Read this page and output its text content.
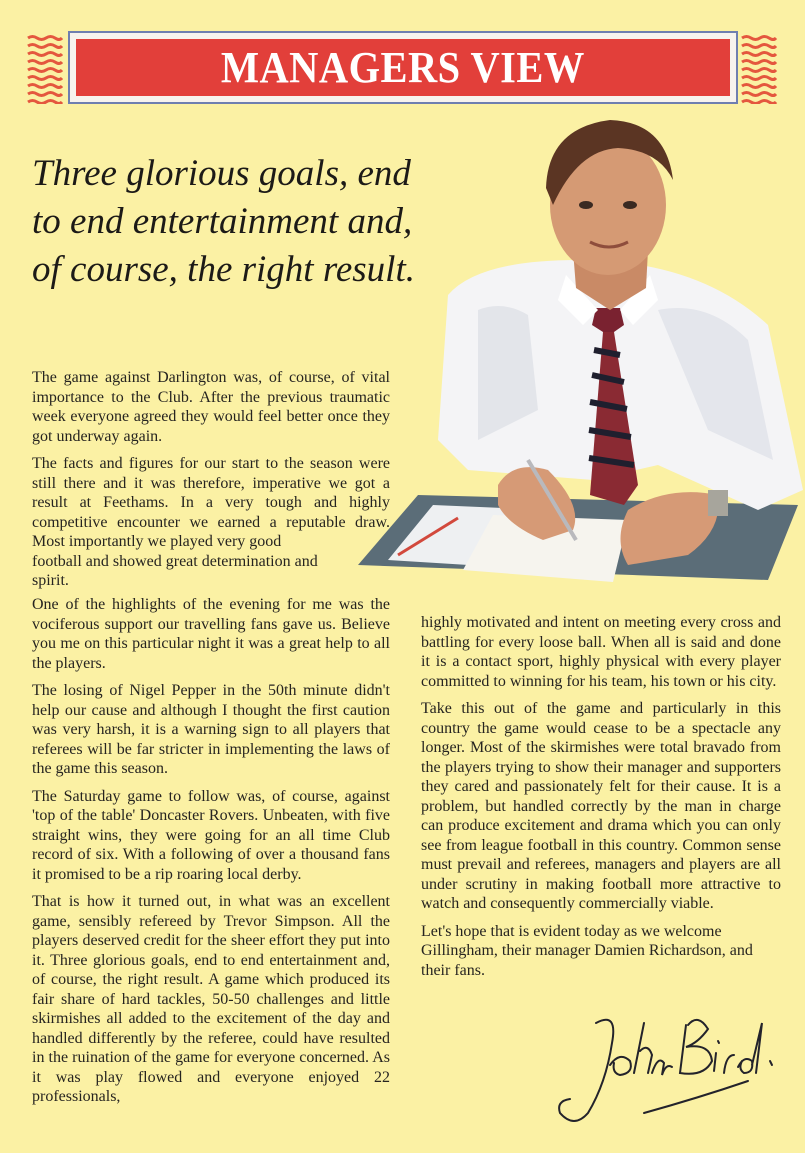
MANAGERS VIEW
Three glorious goals, end to end entertainment and, of course, the right result.

The game against Darlington was, of course, of vital importance to the Club. After the previous traumatic week everyone agreed they would feel better once they got underway again.

The facts and figures for our start to the season were still there and it was therefore, imperative we got a result at Feethams. In a very tough and highly competitive encounter we earned a reputable draw. Most importantly we played very good

football and showed great determination and spirit.

One of the highlights of the evening for me was the vociferous support our travelling fans gave us. Believe you me on this particular night it was a great help to all the players.

The losing of Nigel Pepper in the 50th minute didn't help our cause and although I thought the first caution was very harsh, it is a warning sign to all players that referees will be far stricter in implementing the laws of the game this season.

The Saturday game to follow was, of course, against 'top of the table' Doncaster Rovers. Unbeaten, with five straight wins, they were going for an all time Club record of six. With a following of over a thousand fans it promised to be a rip roaring local derby.

That is how it turned out, in what was an excellent game, sensibly refereed by Trevor Simpson. All the players deserved credit for the sheer effort they put into it. Three glorious goals, end to end entertainment and, of course, the right result. A game which produced its fair share of hard tackles, 50-50 challenges and little skirmishes all added to the excitement of the day and handled differently by the referee, could have resulted in the ruination of the game for everyone concerned. As it was play flowed and everyone enjoyed 22 professionals,

highly motivated and intent on meeting every cross and battling for every loose ball. When all is said and done it is a contact sport, highly physical with every player committed to winning for his team, his town or his city.

Take this out of the game and particularly in this country the game would cease to be a spectacle any longer. Most of the skirmishes were total bravado from the players trying to show their manager and supporters they cared and passionately felt for their cause. It is a problem, but handled correctly by the man in charge can produce excitement and drama which you can only see from league football in this country. Common sense must prevail and referees, managers and players are all under scrutiny in making football more attractive to watch and consequently commercially viable.

Let's hope that is evident today as we welcome Gillingham, their manager Damien Richardson, and their fans.
